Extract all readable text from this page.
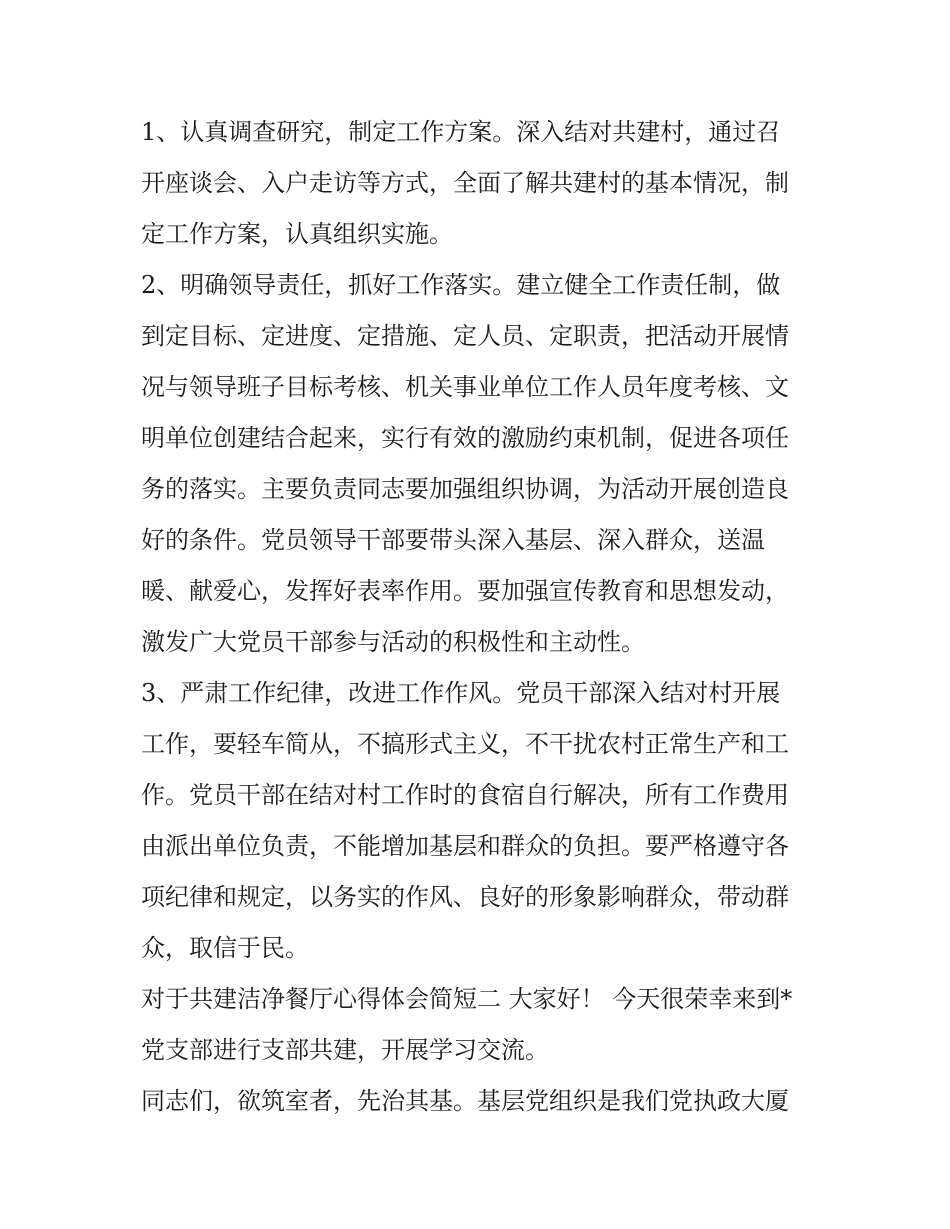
1、认真调查研究，制定工作方案。深入结对共建村，通过召
开座谈会、入户走访等方式，全面了解共建村的基本情况，制
定工作方案，认真组织实施。
2、明确领导责任，抓好工作落实。建立健全工作责任制，做
到定目标、定进度、定措施、定人员、定职责，把活动开展情
况与领导班子目标考核、机关事业单位工作人员年度考核、文
明单位创建结合起来，实行有效的激励约束机制，促进各项任
务的落实。主要负责同志要加强组织协调，为活动开展创造良
好的条件。党员领导干部要带头深入基层、深入群众，送温
暖、献爱心，发挥好表率作用。要加强宣传教育和思想发动，
激发广大党员干部参与活动的积极性和主动性。
3、严肃工作纪律，改进工作作风。党员干部深入结对村开展
工作，要轻车简从，不搞形式主义，不干扰农村正常生产和工
作。党员干部在结对村工作时的食宿自行解决，所有工作费用
由派出单位负责，不能增加基层和群众的负担。要严格遵守各
项纪律和规定，以务实的作风、良好的形象影响群众，带动群
众，取信于民。
对于共建洁净餐厅心得体会简短二 大家好！ 今天很荣幸来到*
党支部进行支部共建，开展学习交流。
同志们，欲筑室者，先治其基。基层党组织是我们党执政大厦
